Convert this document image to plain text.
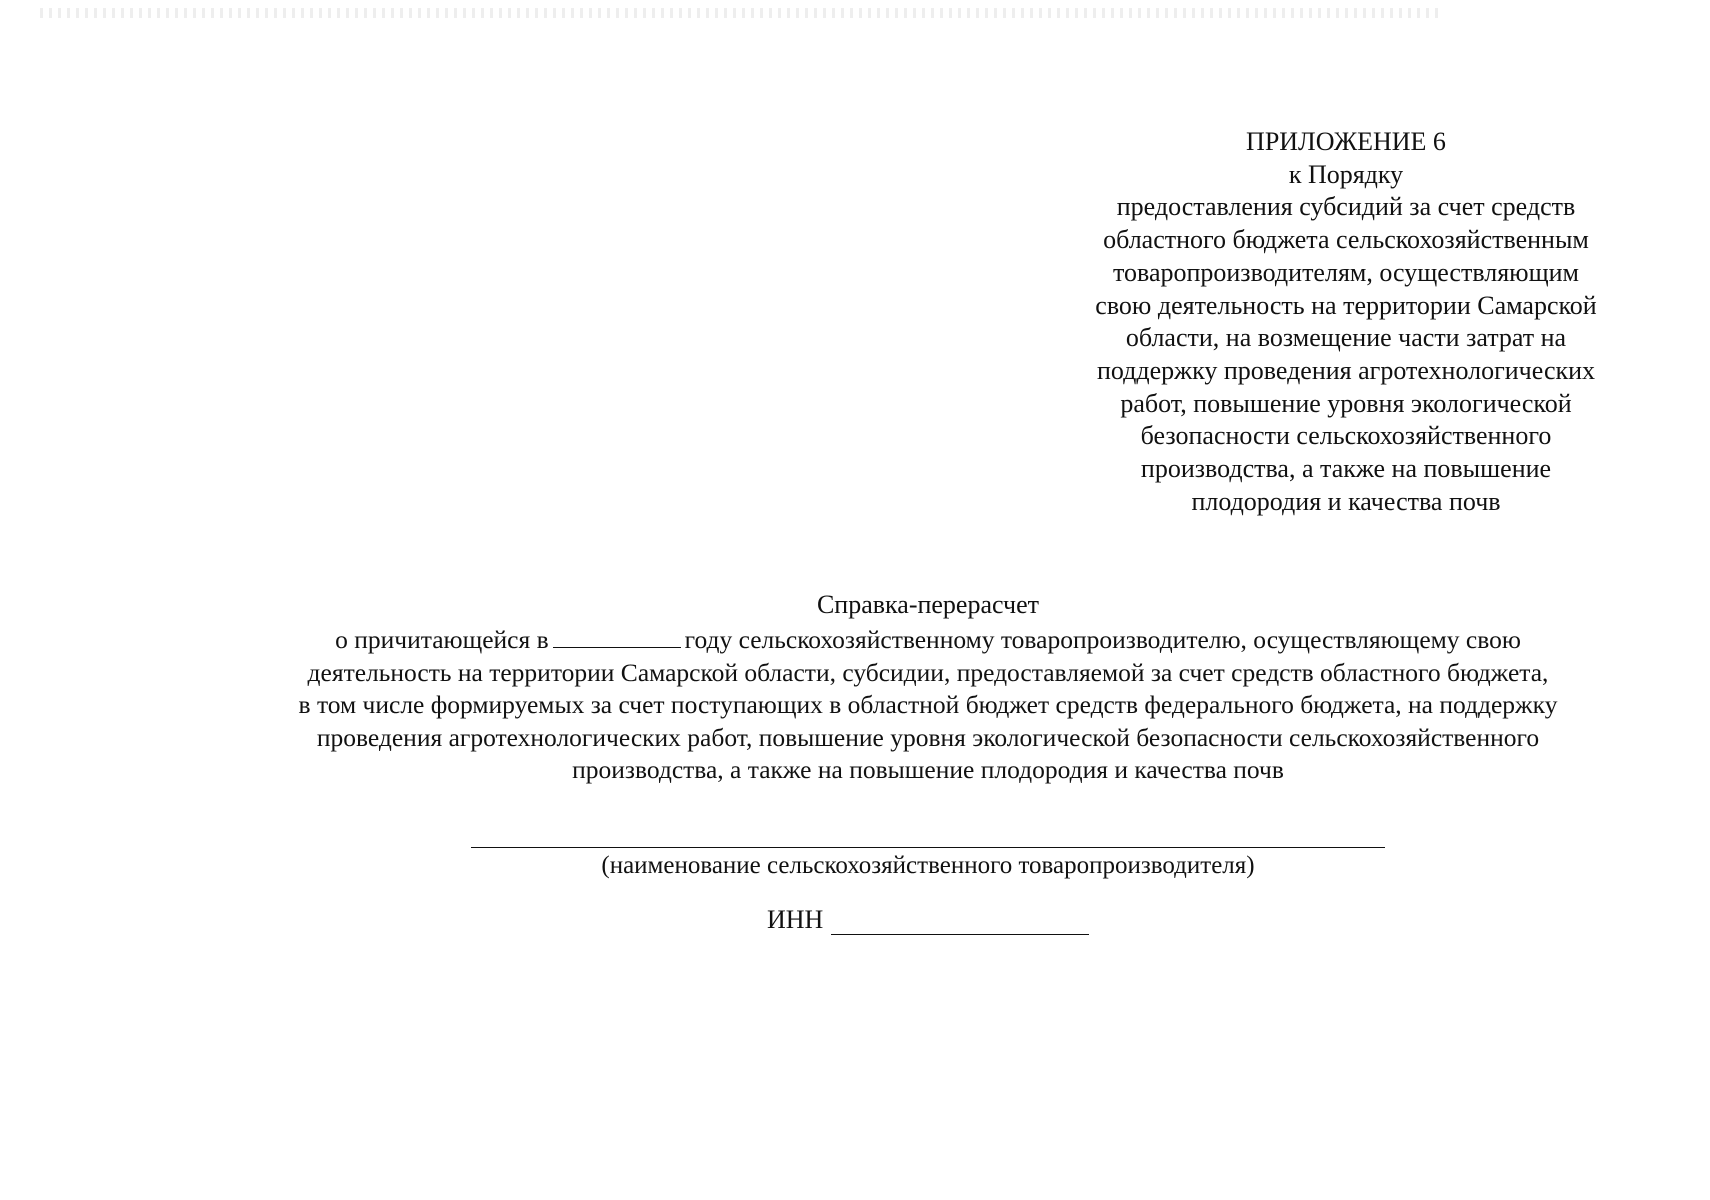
ПРИЛОЖЕНИЕ 6
к Порядку
предоставления субсидий за счет средств
областного бюджета сельскохозяйственным
товаропроизводителям, осуществляющим
свою деятельность на территории Самарской
области, на возмещение части затрат на
поддержку проведения агротехнологических
работ, повышение уровня экологической
безопасности сельскохозяйственного
производства, а также на повышение
плодородия и качества почв
Справка-перерасчет
о причитающейся в	году сельскохозяйственному товаропроизводителю, осуществляющему свою
деятельность на территории Самарской области, субсидии, предоставляемой за счет средств областного бюджета,
в том числе формируемых за счет поступающих в областной бюджет средств федерального бюджета, на поддержку
проведения агротехнологических работ, повышение уровня экологической безопасности сельскохозяйственного
производства, а также на повышение плодородия и качества почв
(наименование сельскохозяйственного товаропроизводителя)
ИНН
